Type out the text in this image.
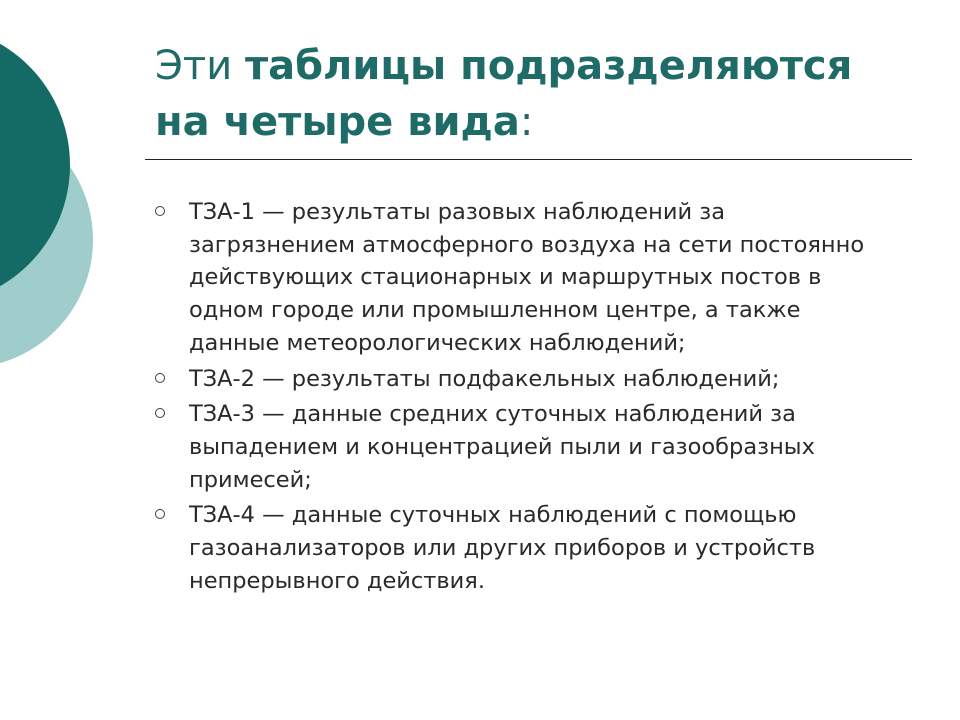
Эти таблицы подразделяются на четыре вида:
ТЗА-1 — результаты разовых наблюдений за загрязнением атмосферного воздуха на сети постоянно действующих стационарных и маршрутных постов в одном городе или промышленном центре, а также данные метеорологических наблюдений;
ТЗА-2 — результаты подфакельных наблюдений;
ТЗА-3 — данные средних суточных наблюдений за выпадением и концентрацией пыли и газообразных примесей;
ТЗА-4 — данные суточных наблюдений с помощью газоанализаторов или других приборов и устройств непрерывного действия.
